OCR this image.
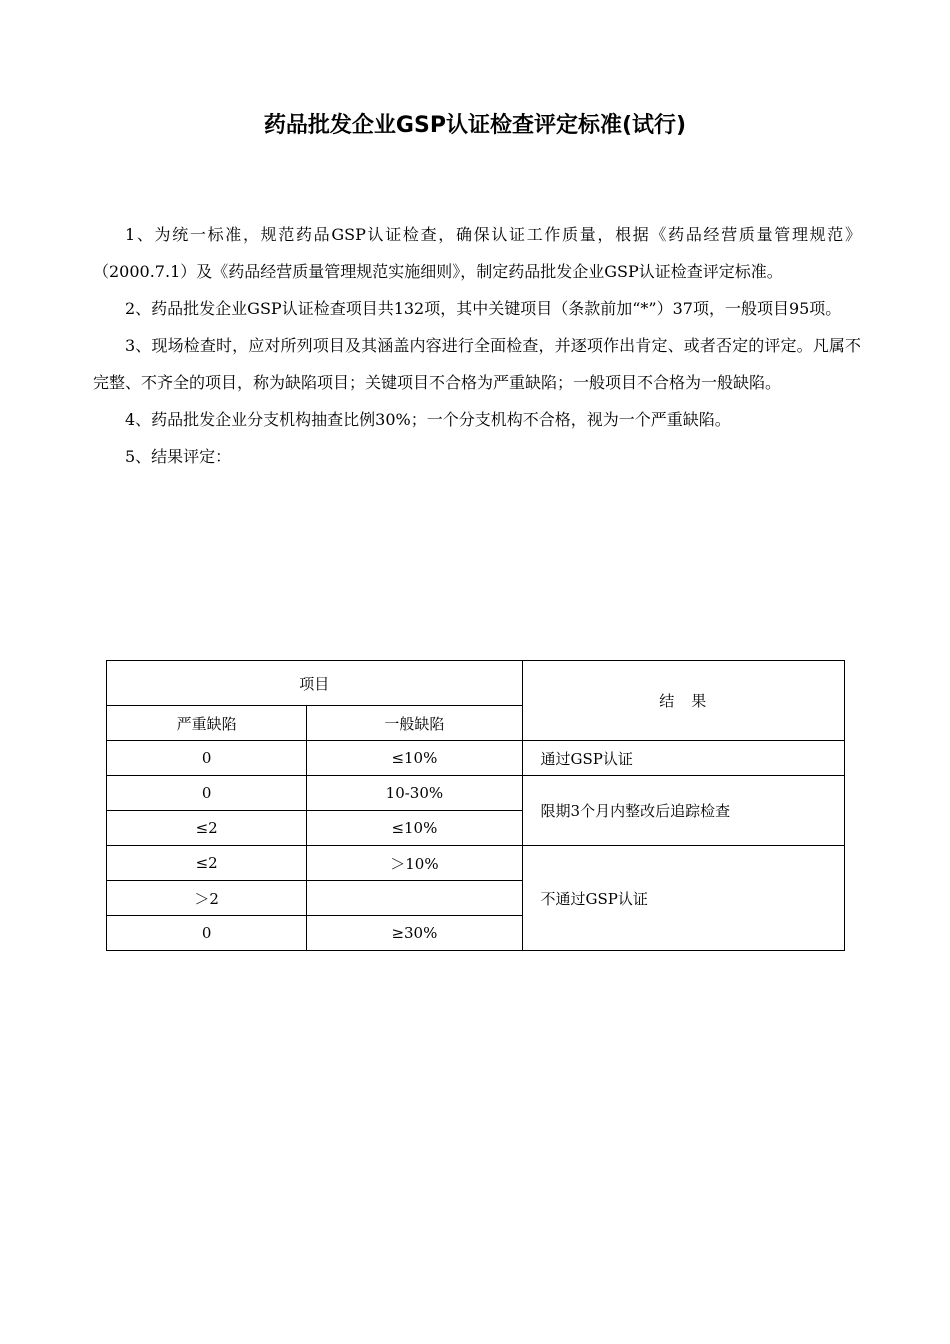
药品批发企业GSP认证检查评定标准(试行)

1、为统一标准，规范药品GSP认证检查，确保认证工作质量，根据《药品经营质量管理规范》（2000.7.1）及《药品经营质量管理规范实施细则》，制定药品批发企业GSP认证检查评定标准。

2、药品批发企业GSP认证检查项目共132项，其中关键项目（条款前加“*”）37项，一般项目95项。

3、现场检查时，应对所列项目及其涵盖内容进行全面检查，并逐项作出肯定、或者否定的评定。凡属不完整、不齐全的项目，称为缺陷项目；关键项目不合格为严重缺陷；一般项目不合格为一般缺陷。

4、药品批发企业分支机构抽查比例30%；一个分支机构不合格，视为一个严重缺陷。

5、结果评定：

项目		结　果
严重缺陷	一般缺陷	
0	≤10%	通过GSP认证
0	10-30%	限期3个月内整改后追踪检查
≤2	≤10%	
≤2	＞10%	不通过GSP认证
＞2		
0	≥30%	
